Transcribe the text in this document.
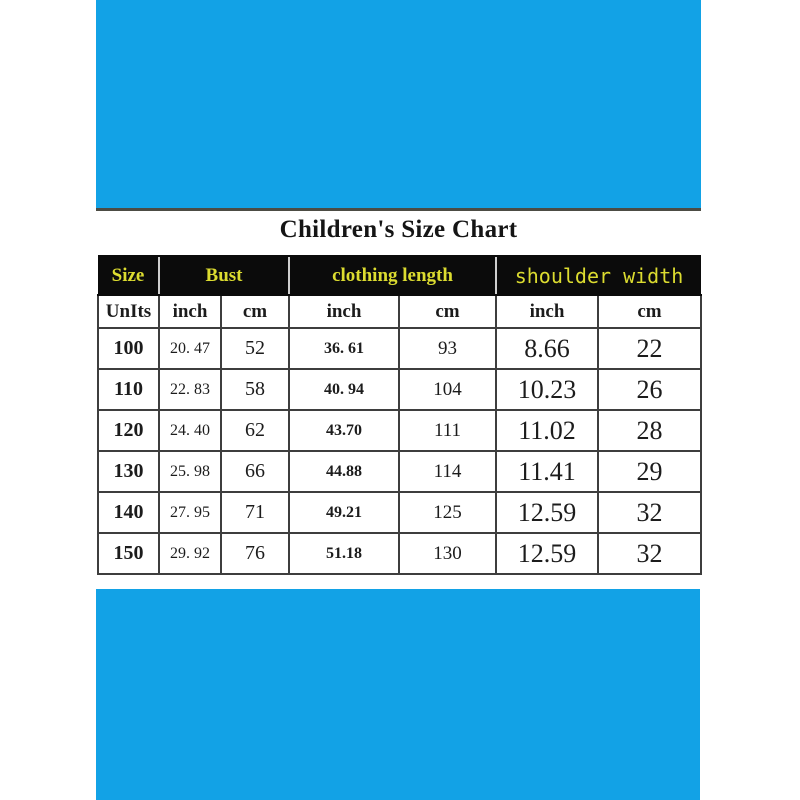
Children's Size Chart
Size	Bust		clothing length		shoulder width	
UnIts	inch	cm	inch	cm	inch	cm
100	20. 47	52	36. 61	93	8.66	22
110	22. 83	58	40. 94	104	10.23	26
120	24. 40	62	43.70	111	11.02	28
130	25. 98	66	44.88	114	11.41	29
140	27. 95	71	49.21	125	12.59	32
150	29. 92	76	51.18	130	12.59	32
